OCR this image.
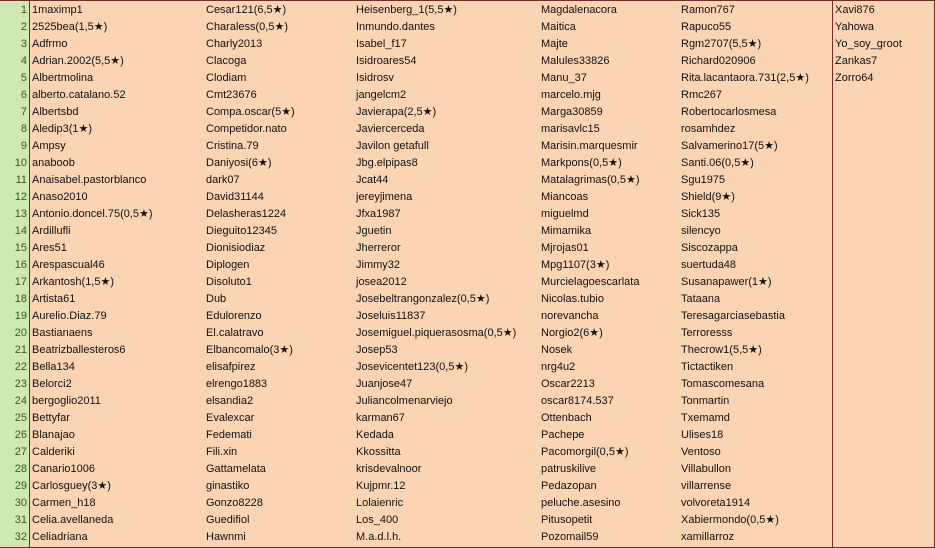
1
2
3
4
5
6
7
8
9
10
11
12
13
14
15
16
17
18
19
20
21
22
23
24
25
26
27
28
29
30
31
32
1maximp1
2525bea(1,5★)
Adfrmo
Adrian.2002(5,5★)
Albertmolina
alberto.catalano.52
Albertsbd
Aledip3(1★)
Ampsy
anaboob
Anaisabel.pastorblanco
Anaso2010
Antonio.doncel.75(0,5★)
Ardillufli
Ares51
Arespascual46
Arkantosh(1,5★)
Artista61
Aurelio.Diaz.79
Bastianaens
Beatrizballesteros6
Bella134
Belorci2
bergoglio2011
Bettyfar
Blanajao
Calderiki
Canario1006
Carlosguey(3★)
Carmen_h18
Celia.avellaneda
Celiadriana
Cesar121(6,5★)
Charaless(0,5★)
Charly2013
Clacoga
Clodiam
Cmt23676
Compa.oscar(5★)
Competidor.nato
Cristina.79
Daniyosi(6★)
dark07
David31144
Delasheras1224
Dieguito12345
Dionisiodiaz
Diplogen
Disoluto1
Dub
Edulorenzo
El.calatravo
Elbancomalo(3★)
elisafpirez
elrengo1883
elsandia2
Evalexcar
Fedemati
Fili.xin
Gattamelata
ginastiko
Gonzo8228
Guedifiol
Hawnmi
Heisenberg_1(5,5★)
Inmundo.dantes
Isabel_f17
Isidroares54
Isidrosv
jangelcm2
Javierapa(2,5★)
Javiercerceda
Javilon getafull
Jbg.elpipas8
Jcat44
jereyjimena
Jfxa1987
Jguetin
Jherreror
Jimmy32
josea2012
Josebeltrangonzalez(0,5★)
Joseluis11837
Josemiguel.piquerasosma(0,5★)
Josep53
Josevicentet123(0,5★)
Juanjose47
Juliancolmenarviejo
karman67
Kedada
Kkossitta
krisdevalnoor
Kujpmr.12
Lolaienric
Los_400
M.a.d.l.h.
Magdalenacora
Maitica
Majte
Malules33826
Manu_37
marcelo.mjg
Marga30859
marisavlc15
Marisin.marquesmir
Markpons(0,5★)
Matalagrimas(0,5★)
Miancoas
miguelmd
Mimamika
Mjrojas01
Mpg1107(3★)
Murcielagoescarlata
Nicolas.tubio
norevancha
Norgio2(6★)
Nosek
nrg4u2
Oscar2213
oscar8174.537
Ottenbach
Pachepe
Pacomorgil(0,5★)
patruskilive
Pedazopan
peluche.asesino
Pitusopetit
Pozomail59
Ramon767
Rapuco55
Rgm2707(5,5★)
Richard020906
Rita.lacantaora.731(2,5★)
Rmc267
Robertocarlosmesa
rosamhdez
Salvamerino17(5★)
Santi.06(0,5★)
Sgu1975
Shield(9★)
Sick135
silencyo
Siscozappa
suertuda48
Susanapawer(1★)
Tataana
Teresagarciasebastia
Terroresss
Thecrow1(5,5★)
Tictactiken
Tomascomesana
Tonmartin
Txemamd
Ulises18
Ventoso
Villabullon
villarrense
volvoreta1914
Xabiermondo(0,5★)
xamillarroz
Xavi876
Yahowa
Yo_soy_groot
Zankas7
Zorro64
